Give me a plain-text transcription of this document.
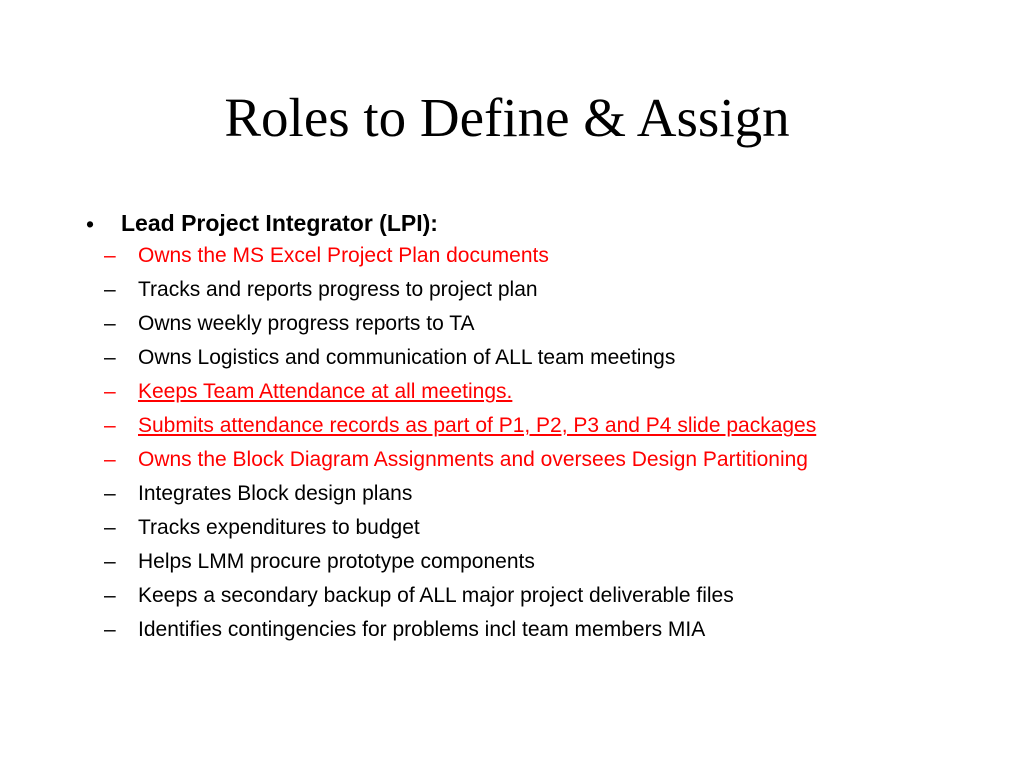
Roles to Define & Assign
• Lead Project Integrator (LPI):
– Owns the MS Excel Project Plan documents
– Tracks and reports progress to project plan
– Owns weekly progress reports to TA
– Owns Logistics and communication of ALL team meetings
– Keeps Team Attendance at all meetings.
– Submits attendance records as part of P1, P2, P3 and P4 slide packages
– Owns the Block Diagram Assignments and oversees Design Partitioning
– Integrates Block design plans
– Tracks expenditures to budget
– Helps LMM procure prototype components
– Keeps a secondary backup of ALL major project deliverable files
– Identifies contingencies for problems incl team members MIA
